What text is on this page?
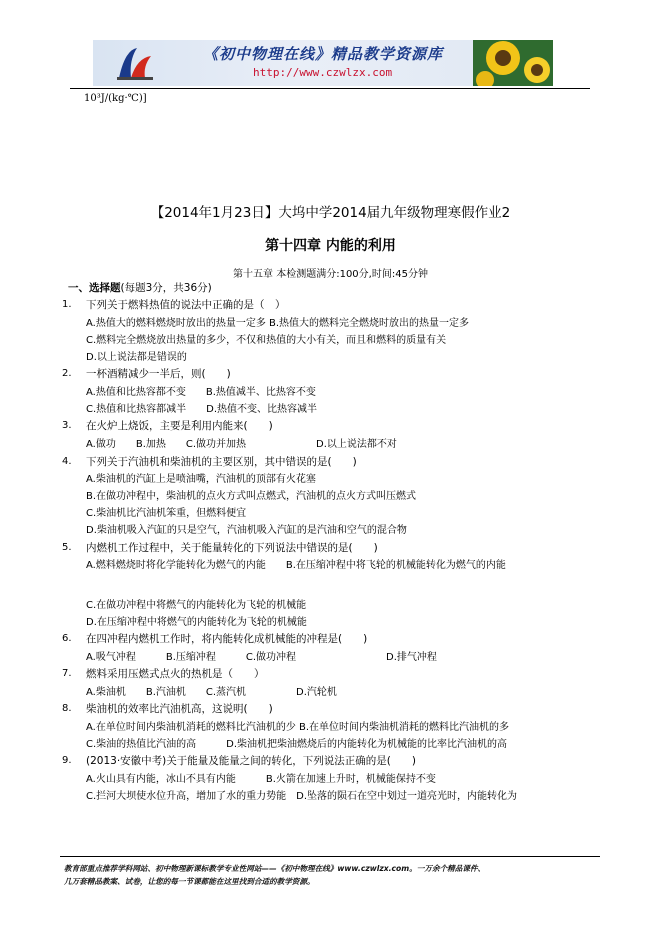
《初中物理在线》精品教学资源库
http://www.czwlzx.com
10³J/(kg·℃)]
【2014年1月23日】大坞中学2014届九年级物理寒假作业2
第十四章 内能的利用
第十五章 本检测题满分:100分,时间:45分钟
一、选择题(每题3分，共36分)
1. 下列关于燃料热值的说法中正确的是（　）
A.热值大的燃料燃烧时放出的热量一定多 B.热值大的燃料完全燃烧时放出的热量一定多
C.燃料完全燃烧放出热量的多少，不仅和热值的大小有关，而且和燃料的质量有关
D.以上说法都是错误的
2. 一杯酒精减少一半后，则(　　)
A.热值和比热容都不变　　B.热值减半、比热容不变
C.热值和比热容都减半　　D.热值不变、比热容减半
3. 在火炉上烧饭，主要是利用内能来(　　)
A.做功　　B.加热　　C.做功并加热　　　　　　　D.以上说法都不对
4. 下列关于汽油机和柴油机的主要区别，其中错误的是(　　)
A.柴油机的汽缸上是喷油嘴，汽油机的顶部有火花塞
B.在做功冲程中，柴油机的点火方式叫点燃式，汽油机的点火方式叫压燃式
C.柴油机比汽油机笨重，但燃料便宜
D.柴油机吸入汽缸的只是空气，汽油机吸入汽缸的是汽油和空气的混合物
5. 内燃机工作过程中，关于能量转化的下列说法中错误的是(　　)
A.燃料燃烧时将化学能转化为燃气的内能　　B.在压缩冲程中将飞轮的机械能转化为燃气的内能
C.在做功冲程中将燃气的内能转化为飞轮的机械能
D.在压缩冲程中将燃气的内能转化为飞轮的机械能
6. 在四冲程内燃机工作时，将内能转化成机械能的冲程是(　　)
A.吸气冲程　　　B.压缩冲程　　　C.做功冲程　　　　　　　　　D.排气冲程
7. 燃料采用压燃式点火的热机是（　　）
A.柴油机　　B.汽油机　　C.蒸汽机　　　　　D.汽轮机
8. 柴油机的效率比汽油机高，这说明(　　)
A.在单位时间内柴油机消耗的燃料比汽油机的少 B.在单位时间内柴油机消耗的燃料比汽油机的多
C.柴油的热值比汽油的高　　　D.柴油机把柴油燃烧后的内能转化为机械能的比率比汽油机的高
9. (2013·安徽中考)关于能量及能量之间的转化，下列说法正确的是(　　)
A.火山具有内能，冰山不具有内能　　　B.火箭在加速上升时，机械能保持不变
C.拦河大坝使水位升高，增加了水的重力势能　D.坠落的陨石在空中划过一道亮光时，内能转化为
教育部重点推荐学科网站、初中物理新课标教学专业性网站——《初中物理在线》www.czwlzx.com。一万余个精品课件、
几万套精品教案、试卷，让您的每一节课都能在这里找到合适的教学资源。
